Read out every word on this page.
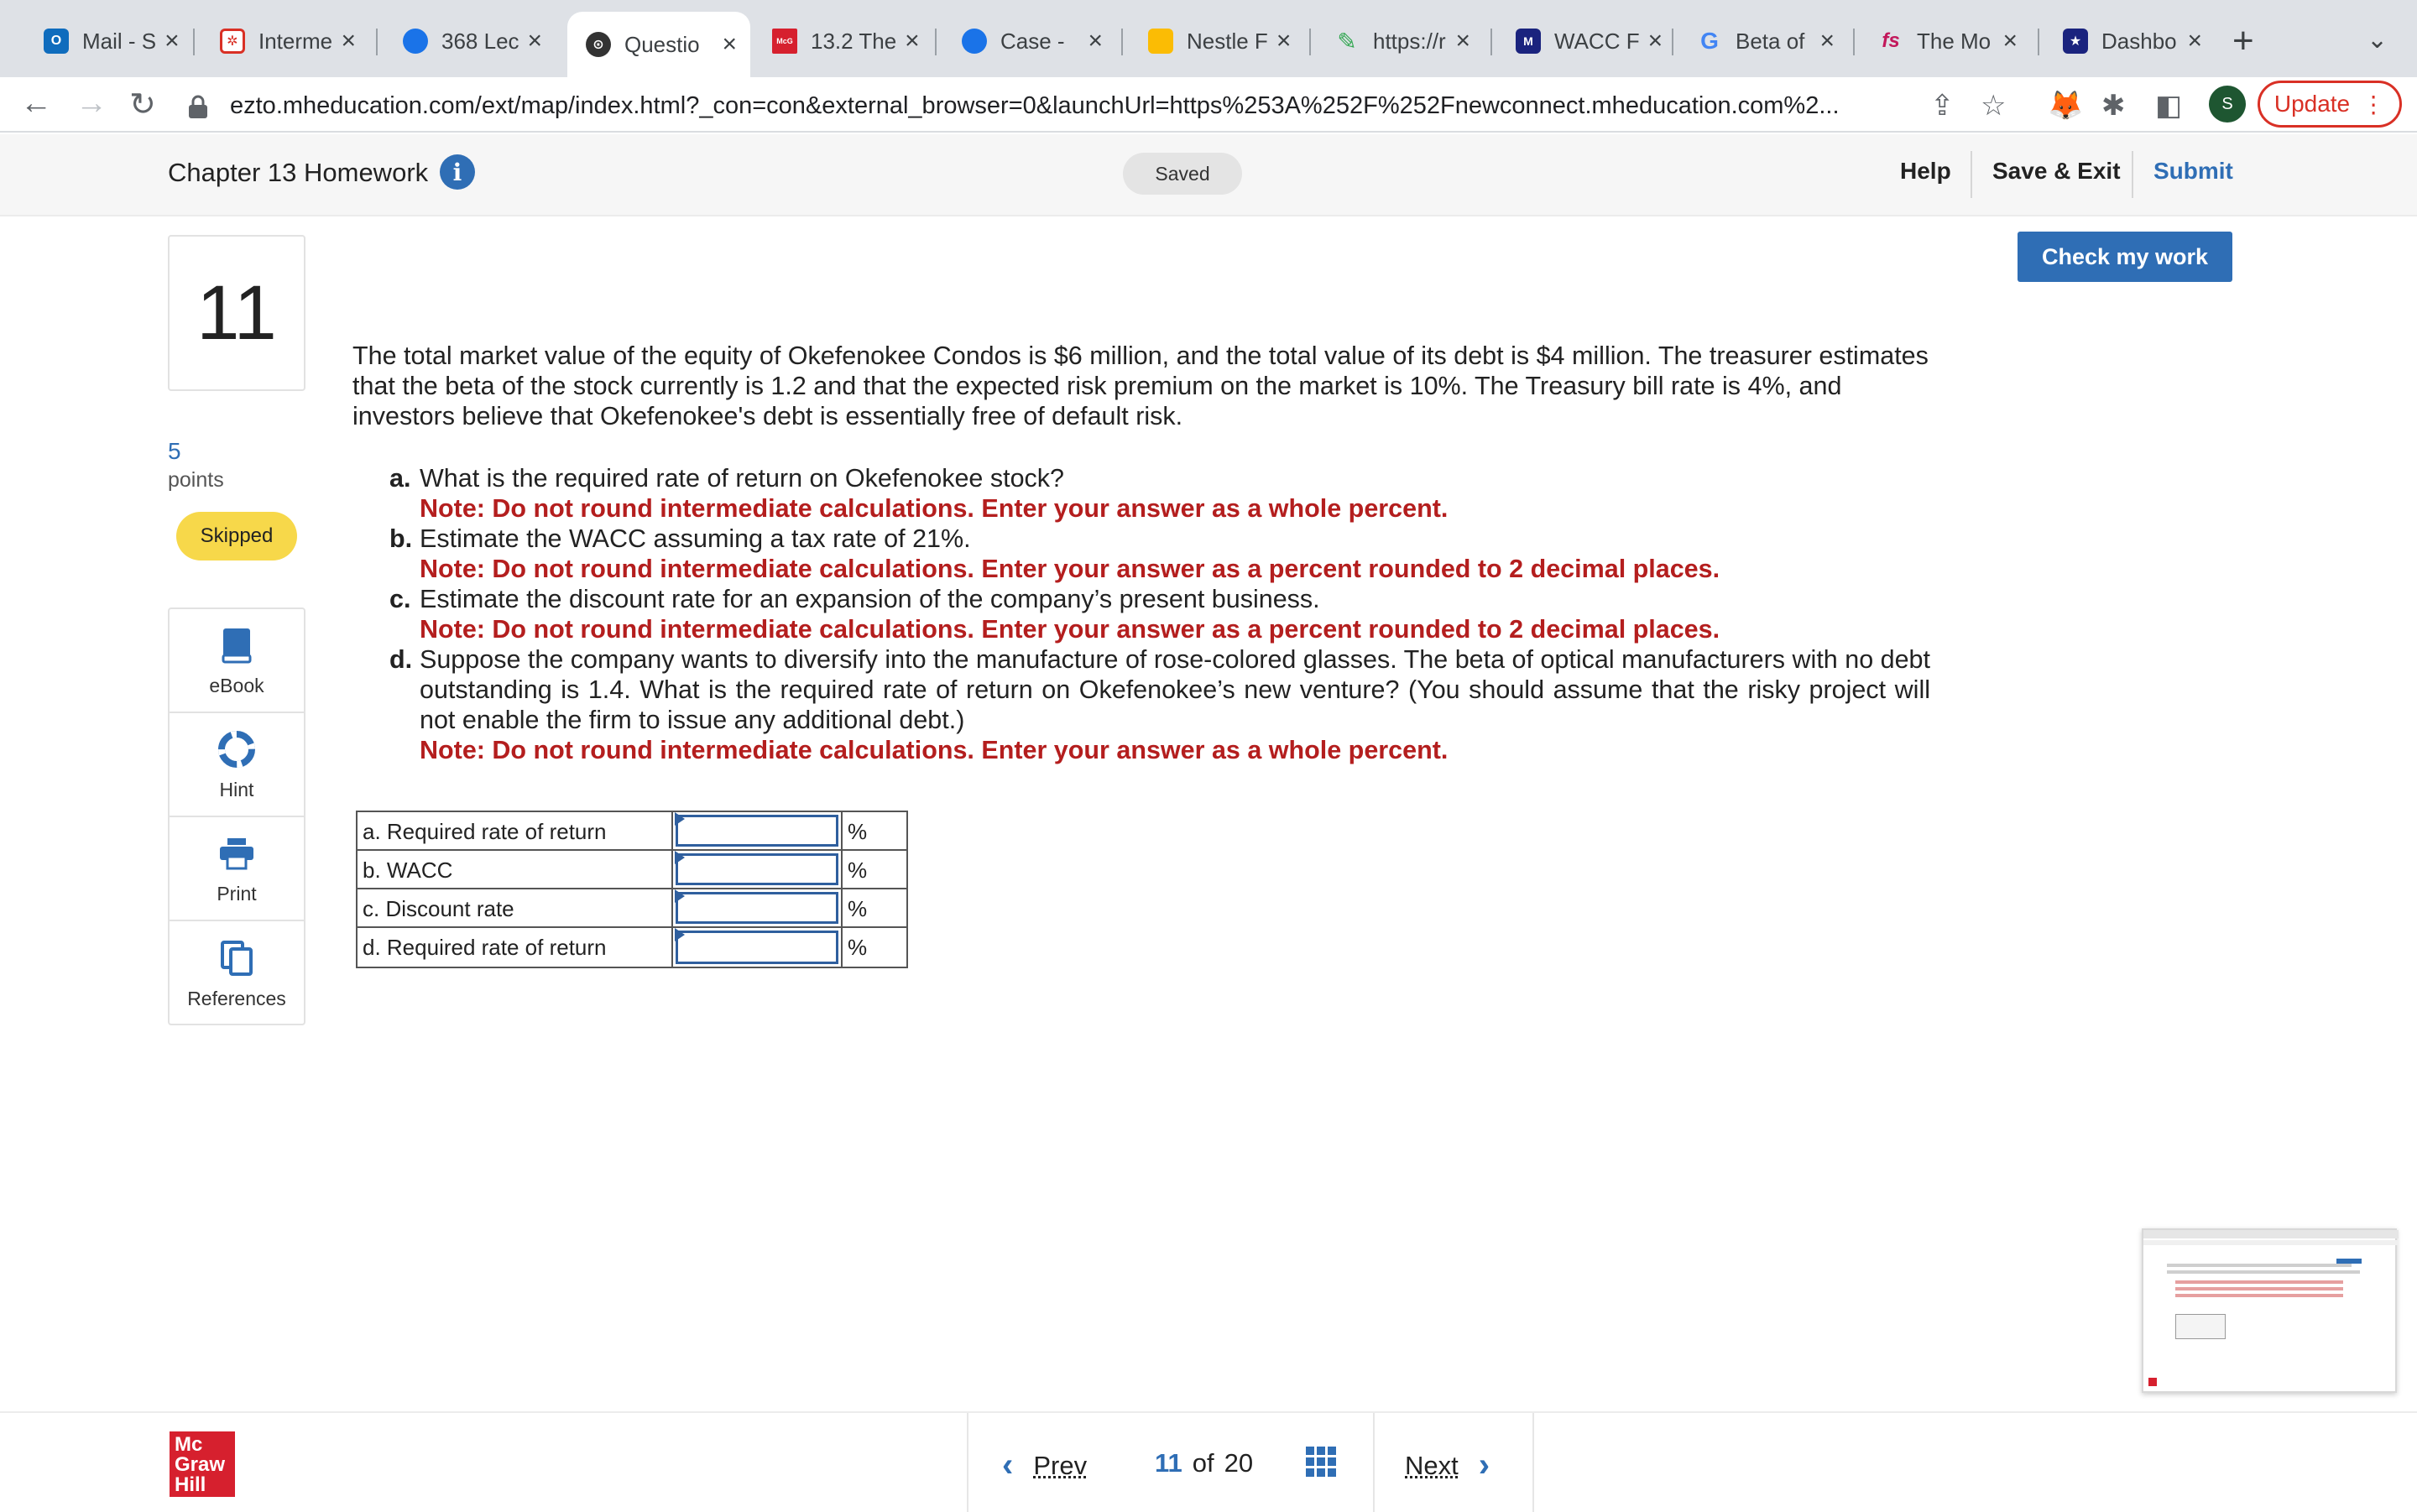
O Mail - S ×	✲ Interme ×	368 Lec ×	⊙ Questio ×	McG 13.2 The ×	Case - ×	Nestle F × ✎ https://r ×	M WACC F × G Beta of × fs The Mo ×	★ Dashbo × +	⌄
← → ↻	ezto.mheducation.com/ext/map/index.html?_con=con&external_browser=0&launchUrl=https%253A%252F%252Fnewconnect.mheducation.com%2...	⇪ ☆ 🦊 ✱ ◧	S	Update ⋮
Chapter 13 Homework	i	Saved	Help Save & Exit Submit
11
5
points
Skipped
eBook
Hint
Print
References
Check my work
The total market value of the equity of Okefenokee Condos is $6 million, and the total value of its debt is $4 million. The treasurer estimates that the beta of the stock currently is 1.2 and that the expected risk premium on the market is 10%. The Treasury bill rate is 4%, and investors believe that Okefenokee's debt is essentially free of default risk.
a. What is the required rate of return on Okefenokee stock?
Note: Do not round intermediate calculations. Enter your answer as a whole percent.
b. Estimate the WACC assuming a tax rate of 21%.
Note: Do not round intermediate calculations. Enter your answer as a percent rounded to 2 decimal places.
c. Estimate the discount rate for an expansion of the company’s present business.
Note: Do not round intermediate calculations. Enter your answer as a percent rounded to 2 decimal places.
d. Suppose the company wants to diversify into the manufacture of rose-colored glasses. The beta of optical manufacturers with no debt outstanding is 1.4. What is the required rate of return on Okefenokee’s new venture? (You should assume that the risky project will not enable the firm to issue any additional debt.)
Note: Do not round intermediate calculations. Enter your answer as a whole percent.
a. Required rate of return	%
b. WACC	%
c. Discount rate	%
d. Required rate of return	%
Mc
Graw
Hill
‹ Prev	11 of 20	Next ›
